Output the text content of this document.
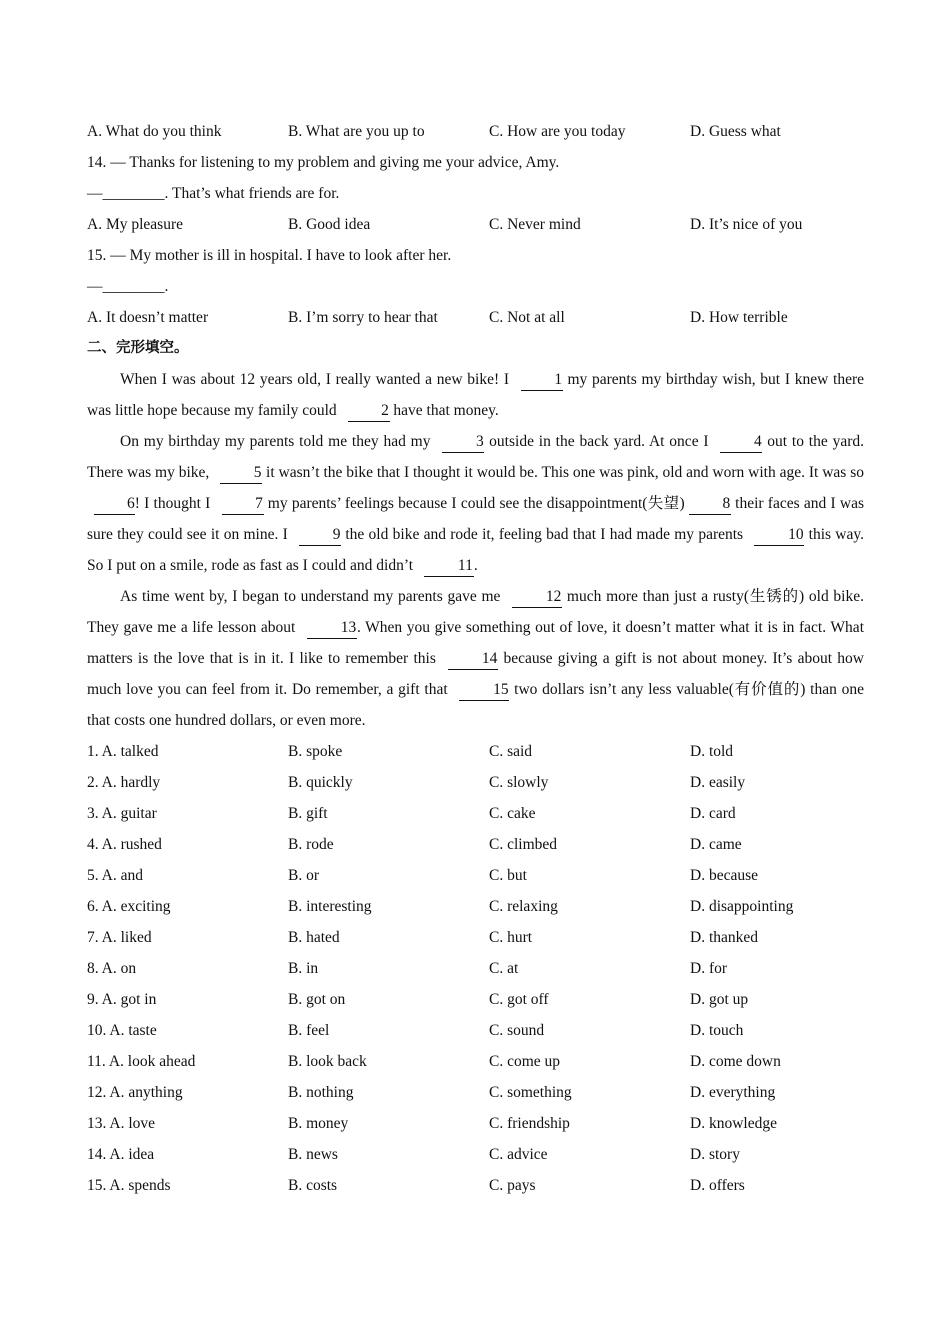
A. What do you think	B. What are you up to	C. How are you today	D. Guess what
14. — Thanks for listening to my problem and giving me your advice, Amy.
—________. That’s what friends are for.
A. My pleasure	B. Good idea	C. Never mind	D. It’s nice of you
15. — My mother is ill in hospital. I have to look after her.
—________.
A. It doesn’t matter	B. I’m sorry to hear that	C. Not at all	D. How terrible
二、完形填空。

When I was about 12 years old, I really wanted a new bike! I	1 my parents my birthday wish, but I knew there was little hope because my family could	2 have that money.

On my birthday my parents told me they had my	3 outside in the back yard. At once I	4 out to the yard. There was my bike,	5 it wasn’t the bike that I thought it would be. This one was pink, old and worn with age. It was so 6! I thought I	7 my parents’ feelings because I could see the disappointment(失望) 8 their faces and I was sure they could see it on mine. I	9 the old bike and rode it, feeling bad that I had made my parents	10 this way. So I put on a smile, rode as fast as I could and didn’t	11.

As time went by, I began to understand my parents gave me	12 much more than just a rusty(生锈的) old bike. They gave me a life lesson about	13. When you give something out of love, it doesn’t matter what it is in fact. What matters is the love that is in it. I like to remember this	14 because giving a gift is not about money. It’s about how much love you can feel from it. Do remember, a gift that	15 two dollars isn’t any less valuable(有价值的) than one that costs one hundred dollars, or even more.

1. A. talked	B. spoke	C. said	D. told
2. A. hardly	B. quickly	C. slowly	D. easily
3. A. guitar	B. gift	C. cake	D. card
4. A. rushed	B. rode	C. climbed	D. came
5. A. and	B. or	C. but	D. because
6. A. exciting	B. interesting	C. relaxing	D. disappointing
7. A. liked	B. hated	C. hurt	D. thanked
8. A. on	B. in	C. at	D. for
9. A. got in	B. got on	C. got off	D. got up
10. A. taste	B. feel	C. sound	D. touch
11. A. look ahead	B. look back	C. come up	D. come down
12. A. anything	B. nothing	C. something	D. everything
13. A. love	B. money	C. friendship	D. knowledge
14. A. idea	B. news	C. advice	D. story
15. A. spends	B. costs	C. pays	D. offers
